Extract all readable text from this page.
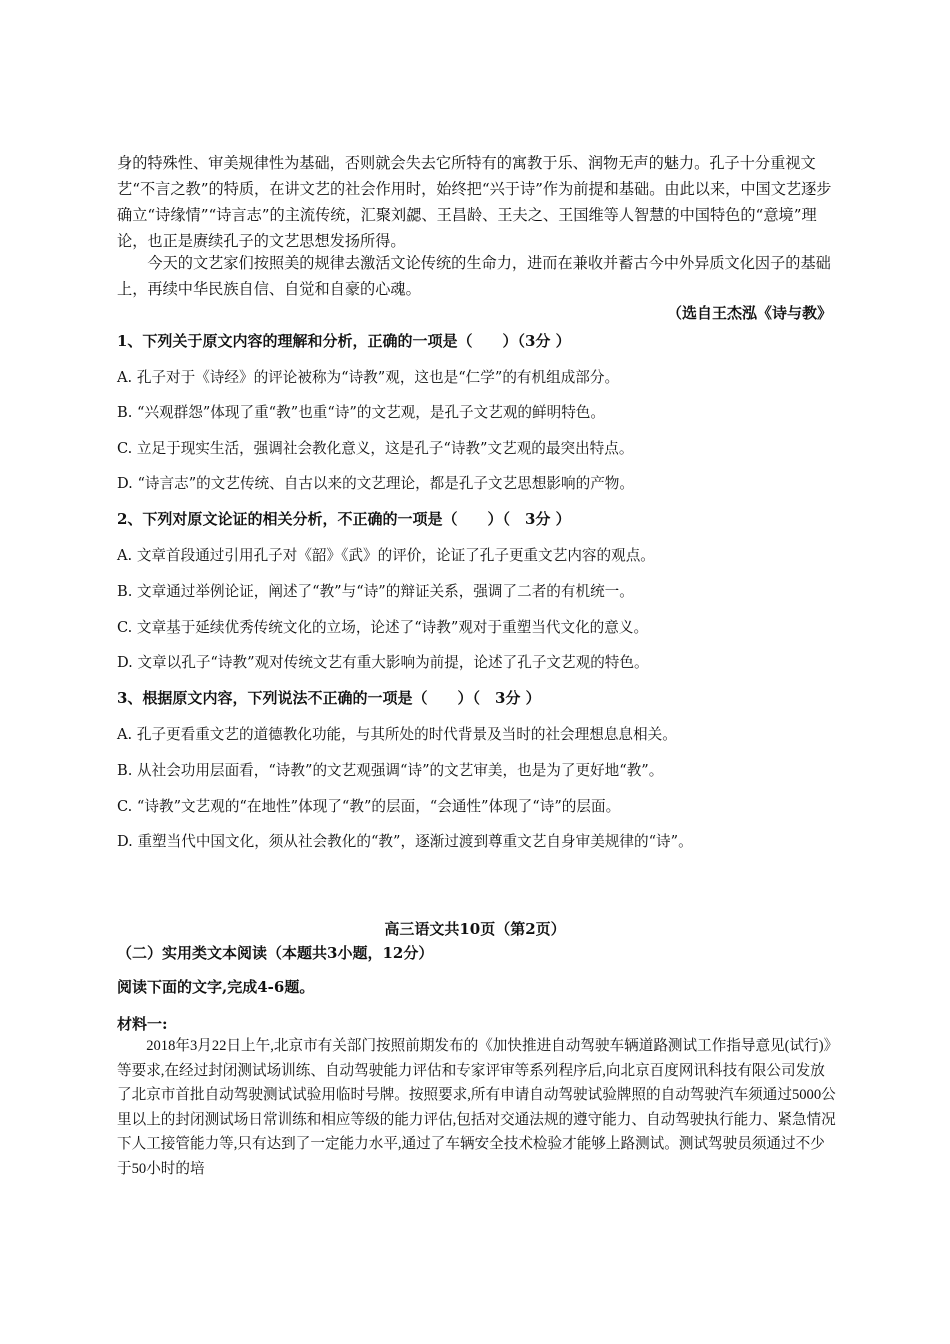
身的特殊性、审美规律性为基础，否则就会失去它所特有的寓教于乐、润物无声的魅力。孔子十分重视文艺“不言之教”的特质，在讲文艺的社会作用时，始终把“兴于诗”作为前提和基础。由此以来，中国文艺逐步确立“诗缘情”“诗言志”的主流传统，汇聚刘勰、王昌龄、王夫之、王国维等人智慧的中国特色的“意境”理论，也正是赓续孔子的文艺思想发扬所得。

今天的文艺家们按照美的规律去激活文论传统的生命力，进而在兼收并蓄古今中外异质文化因子的基础上，再续中华民族自信、自觉和自豪的心魂。

（选自王杰泓《诗与教》
1、下列关于原文内容的理解和分析，正确的一项是（　　）（3分 ）
A. 孔子对于《诗经》的评论被称为“诗教”观，这也是“仁学”的有机组成部分。
B. “兴观群怨”体现了重“教”也重“诗”的文艺观，是孔子文艺观的鲜明特色。
C. 立足于现实生活，强调社会教化意义，这是孔子“诗教”文艺观的最突出特点。
D. “诗言志”的文艺传统、自古以来的文艺理论，都是孔子文艺思想影响的产物。
2、下列对原文论证的相关分析，不正确的一项是（　　）（　3分 ）
A. 文章首段通过引用孔子对《韶》《武》的评价，论证了孔子更重文艺内容的观点。
B. 文章通过举例论证，阐述了“教”与“诗”的辩证关系，强调了二者的有机统一。
C. 文章基于延续优秀传统文化的立场，论述了“诗教”观对于重塑当代文化的意义。
D. 文章以孔子“诗教”观对传统文艺有重大影响为前提，论述了孔子文艺观的特色。
3、根据原文内容，下列说法不正确的一项是（　　）（　3分 ）
A. 孔子更看重文艺的道德教化功能，与其所处的时代背景及当时的社会理想息息相关。
B. 从社会功用层面看，“诗教”的文艺观强调“诗”的文艺审美，也是为了更好地“教”。
C. “诗教”文艺观的“在地性”体现了“教”的层面，“会通性”体现了“诗”的层面。
D. 重塑当代中国文化，须从社会教化的“教”，逐渐过渡到尊重文艺自身审美规律的“诗”。
高三语文共10页（第2页）
（二）实用类文本阅读（本题共3小题，12分）
阅读下面的文字,完成4-6题。
材料一:

2018年3月22日上午,北京市有关部门按照前期发布的《加快推进自动驾驶车辆道路测试工作指导意见(试行)》等要求,在经过封闭测试场训练、自动驾驶能力评估和专家评审等系列程序后,向北京百度网讯科技有限公司发放了北京市首批自动驾驶测试试验用临时号牌。按照要求,所有申请自动驾驶试验牌照的自动驾驶汽车须通过5000公里以上的封闭测试场日常训练和相应等级的能力评估,包括对交通法规的遵守能力、自动驾驶执行能力、紧急情况下人工接管能力等,只有达到了一定能力水平,通过了车辆安全技术检验才能够上路测试。测试驾驶员须通过不少于50小时的培
